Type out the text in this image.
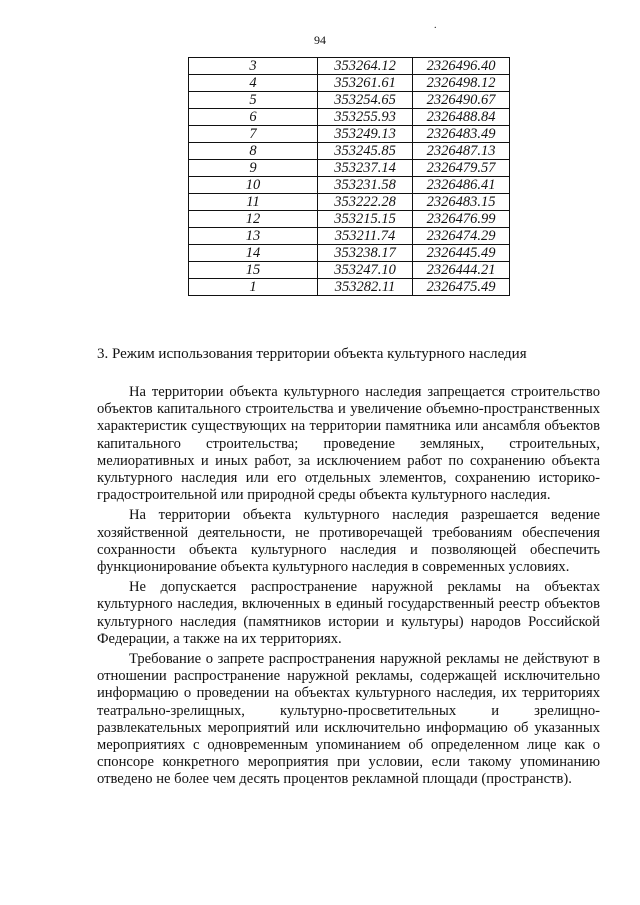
.
94
3	353264.12	2326496.40
4	353261.61	2326498.12
5	353254.65	2326490.67
6	353255.93	2326488.84
7	353249.13	2326483.49
8	353245.85	2326487.13
9	353237.14	2326479.57
10	353231.58	2326486.41
11	353222.28	2326483.15
12	353215.15	2326476.99
13	353211.74	2326474.29
14	353238.17	2326445.49
15	353247.10	2326444.21
1	353282.11	2326475.49
3. Режим использования территории объекта культурного наследия

На территории объекта культурного наследия запрещается строительство объектов капитального строительства и увеличение объемно-пространственных характеристик существующих на территории памятника или ансамбля объектов капитального строительства; проведение земляных, строительных, мелиоративных и иных работ, за исключением работ по сохранению объекта культурного наследия или его отдельных элементов, сохранению историко-градостроительной или природной среды объекта культурного наследия.

На территории объекта культурного наследия разрешается ведение хозяйственной деятельности, не противоречащей требованиям обеспечения сохранности объекта культурного наследия и позволяющей обеспечить функционирование объекта культурного наследия в современных условиях.

Не допускается распространение наружной рекламы на объектах культурного наследия, включенных в единый государственный реестр объектов культурного наследия (памятников истории и культуры) народов Российской Федерации, а также на их территориях.

Требование о запрете распространения наружной рекламы не действуют в отношении распространение наружной рекламы, содержащей исключительно информацию о проведении на объектах культурного наследия, их территориях театрально-зрелищных, культурно-просветительных и зрелищно-развлекательных мероприятий или исключительно информацию об указанных мероприятиях с одновременным упоминанием об определенном лице как о спонсоре конкретного мероприятия при условии, если такому упоминанию отведено не более чем десять процентов рекламной площади (пространств).
